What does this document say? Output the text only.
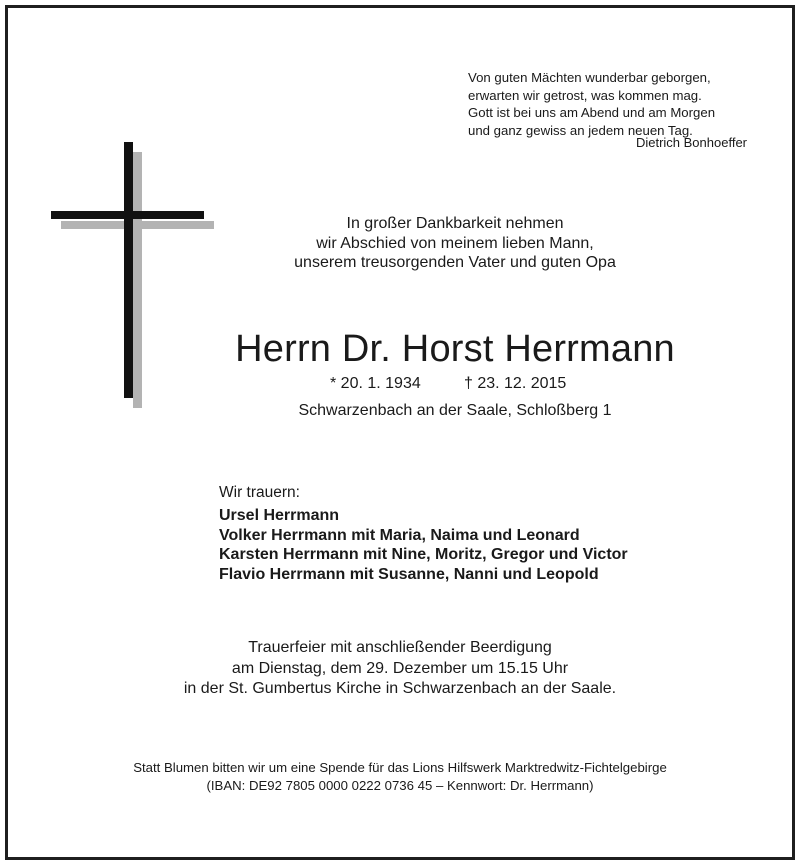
Von guten Mächten wunderbar geborgen,
erwarten wir getrost, was kommen mag.
Gott ist bei uns am Abend und am Morgen
und ganz gewiss an jedem neuen Tag.
Dietrich Bonhoeffer
In großer Dankbarkeit nehmen
wir Abschied von meinem lieben Mann,
unserem treusorgenden Vater und guten Opa
Herrn Dr. Horst Herrmann
* 20. 1. 1934	† 23. 12. 2015
Schwarzenbach an der Saale, Schloßberg 1
Wir trauern:
Ursel Herrmann
Volker Herrmann mit Maria, Naima und Leonard
Karsten Herrmann mit Nine, Moritz, Gregor und Victor
Flavio Herrmann mit Susanne, Nanni und Leopold
Trauerfeier mit anschließender Beerdigung
am Dienstag, dem 29. Dezember um 15.15 Uhr
in der St. Gumbertus Kirche in Schwarzenbach an der Saale.
Statt Blumen bitten wir um eine Spende für das Lions Hilfswerk Marktredwitz-Fichtelgebirge
(IBAN: DE92 7805 0000 0222 0736 45 – Kennwort: Dr. Herrmann)
